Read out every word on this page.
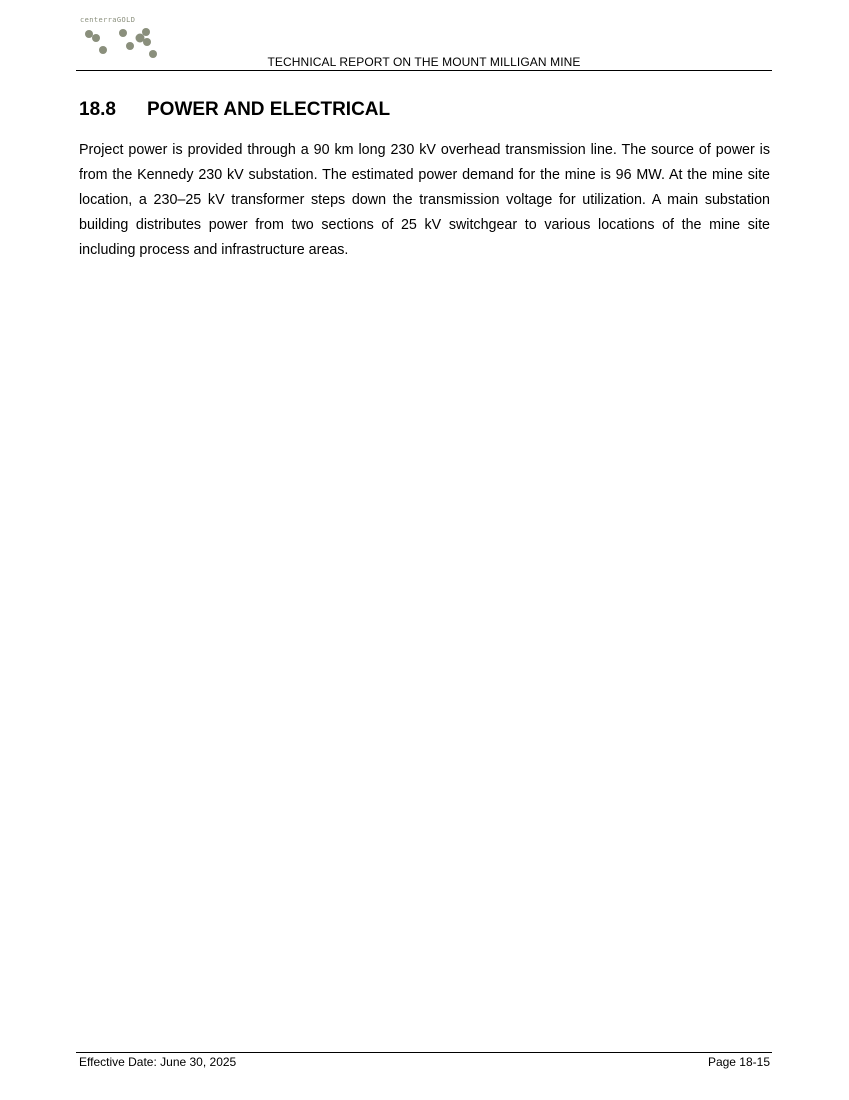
centerraGOLD
TECHNICAL REPORT ON THE MOUNT MILLIGAN MINE
18.8 POWER AND ELECTRICAL

Project power is provided through a 90 km long 230 kV overhead transmission line. The source of power is from the Kennedy 230 kV substation. The estimated power demand for the mine is 96 MW. At the mine site location, a 230–25 kV transformer steps down the transmission voltage for utilization. A main substation building distributes power from two sections of 25 kV switchgear to various locations of the mine site including process and infrastructure areas.

Effective Date: June 30, 2025	Page 18-15
